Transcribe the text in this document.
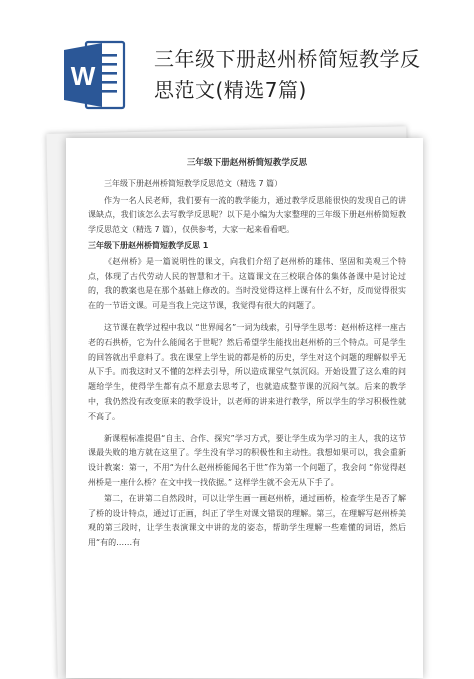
W
三年级下册赵州桥简短教学反
思范文(精选7篇)
三年级下册赵州桥简短教学反思
三年级下册赵州桥简短教学反思范文（精选 7 篇）
作为一名人民老师，我们要有一流的教学能力，通过教学反思能很快的发现自己的讲课缺点，我们该怎么去写教学反思呢？以下是小编为大家整理的三年级下册赵州桥简短教学反思范文（精选 7 篇），仅供参考，大家一起来看看吧。
三年级下册赵州桥简短教学反思 1
《赵州桥》是一篇说明性的课文，向我们介绍了赵州桥的雄伟、坚固和美观三个特点，体现了古代劳动人民的智慧和才干。这篇课文在三校联合体的集体备课中是讨论过的，我的教案也是在那个基础上修改的。当时没觉得这样上课有什么不好，反而觉得很实在的一节语文课。可是当我上完这节课，我觉得有很大的问题了。
这节课在教学过程中我以 “世界闻名”一词为线索，引导学生思考：赵州桥这样一座古老的石拱桥，它为什么能闻名于世呢？然后希望学生能找出赵州桥的三个特点。可是学生的回答就出乎意料了。我在课堂上学生说的都是桥的历史，学生对这个问题的理解似乎无从下手。而我这时又不懂的怎样去引导，所以造成课堂气氛沉闷。开始设置了这么难的问题给学生，使得学生都有点不愿意去思考了，也就造成整节课的沉闷气氛。后来的教学中，我仍然没有改变原来的教学设计，以老师的讲来进行教学，所以学生的学习积极性就不高了。
新课程标准提倡“自主、合作、探究”学习方式，要让学生成为学习的主人，我的这节课最失败的地方就在这里了。学生没有学习的积极性和主动性。我想如果可以，我会重新设计教案：第一，不用“为什么赵州桥能闻名于世”作为第一个问题了，我会问 “你觉得赵州桥是一座什么桥？在文中找一找依据。” 这样学生就不会无从下手了。
第二，在讲第二自然段时，可以让学生画一画赵州桥，通过画桥，检查学生是否了解了桥的设计特点，通过订正画，纠正了学生对课文错误的理解。第三，在理解写赵州桥美观的第三段时，让学生表演课文中讲的龙的姿态，帮助学生理解一些难懂的词语，然后用“有的……有
